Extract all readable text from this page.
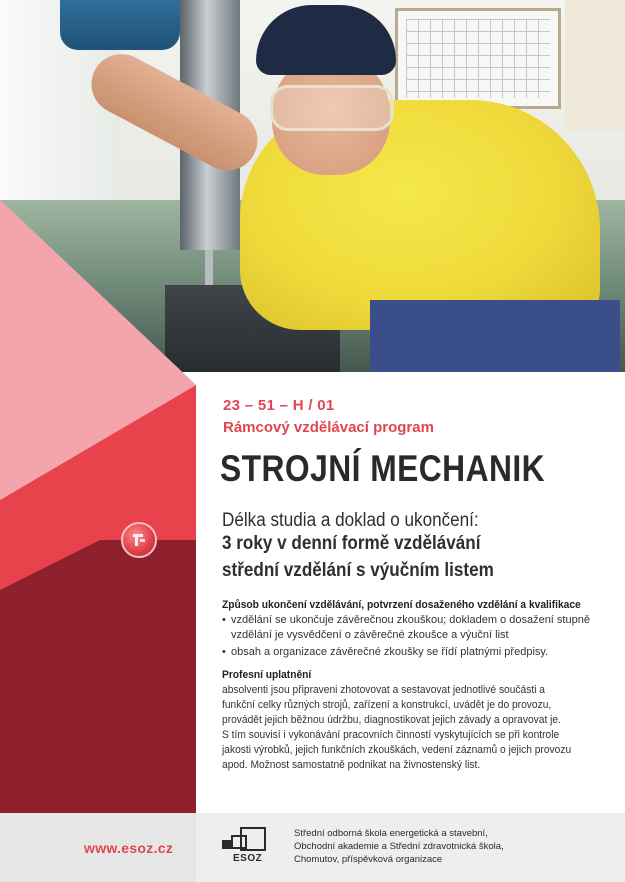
23 – 51 – H / 01
Rámcový vzdělávací program
STROJNÍ MECHANIK
Délka studia a doklad o ukončení:
3 roky v denní formě vzdělávání
střední vzdělání s výučním listem
Způsob ukončení vzdělávání, potvrzení dosaženého vzdělání a kvalifikace
• vzdělání se ukončuje závěrečnou zkouškou; dokladem o dosažení stupně vzdělání je vysvědčení o závěrečné zkoušce a výuční list
• obsah a organizace závěrečné zkoušky se řídí platnými předpisy.
Profesní uplatnění

absolventi jsou připraveni zhotovovat a sestavovat jednotlivé součásti a
funkční celky různých strojů, zařízení a konstrukcí, uvádět je do provozu,
provádět jejich běžnou údržbu, diagnostikovat jejich závady a opravovat je.
S tím souvisí i vykonávání pracovních činností vyskytujících se při kontrole
jakosti výrobků, jejich funkčních zkouškách, vedení záznamů o jejich provozu
apod. Možnost samostatně podnikat na živnostenský list.

www.esoz.cz
ESOZ
Střední odborná škola energetická a stavební,
Obchodní akademie a Střední zdravotnická škola,
Chomutov, příspěvková organizace
